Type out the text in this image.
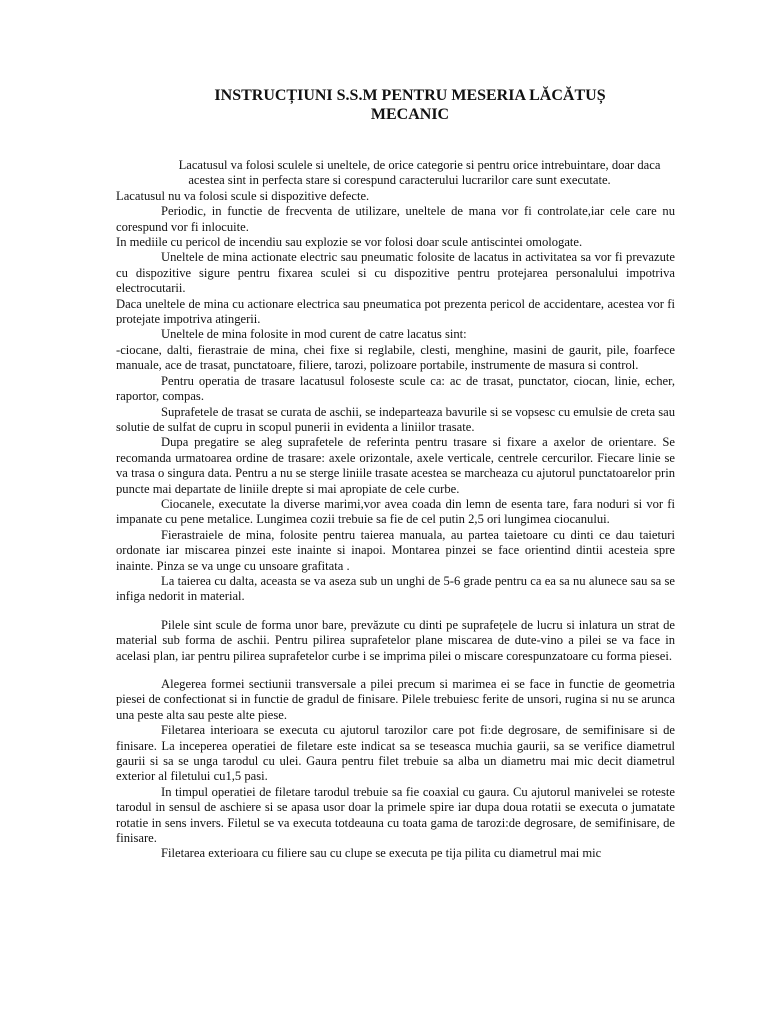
INSTRUCȚIUNI S.S.M PENTRU MESERIA LĂCĂTUȘ
MECANIC

Lacatusul va folosi sculele si uneltele, de orice categorie si pentru orice intrebuintare, doar daca acestea sint in perfecta stare si corespund caracterului lucrarilor care sunt executate.

Lacatusul nu va folosi scule si dispozitive defecte.

Periodic, in functie de frecventa de utilizare, uneltele de mana vor fi controlate,iar cele care nu corespund vor fi inlocuite.

In mediile cu pericol de incendiu sau explozie se vor folosi doar scule antiscintei omologate.

Uneltele de mina actionate electric sau pneumatic folosite de lacatus in activitatea sa vor fi prevazute cu dispozitive sigure pentru fixarea sculei si cu dispozitive pentru protejarea personalului impotriva electrocutarii.

Daca uneltele de mina cu actionare electrica sau pneumatica pot prezenta pericol de accidentare, acestea vor fi protejate impotriva atingerii.

Uneltele de mina folosite in mod curent de catre lacatus sint:

-ciocane, dalti, fierastraie de mina, chei fixe si reglabile, clesti, menghine, masini de gaurit, pile, foarfece manuale, ace de trasat, punctatoare, filiere, tarozi, polizoare portabile, instrumente de masura si control.

Pentru operatia de trasare lacatusul foloseste scule ca: ac de trasat, punctator, ciocan, linie, echer, raportor, compas.

Suprafetele de trasat se curata de aschii, se indeparteaza bavurile si se vopsesc cu emulsie de creta sau solutie de sulfat de cupru in scopul punerii in evidenta a liniilor trasate.

Dupa pregatire se aleg suprafetele de referinta pentru trasare si fixare a axelor de orientare. Se recomanda urmatoarea ordine de trasare: axele orizontale, axele verticale, centrele cercurilor. Fiecare linie se va trasa o singura data. Pentru a nu se sterge liniile trasate acestea se marcheaza cu ajutorul punctatoarelor prin puncte mai departate de liniile drepte si mai apropiate de cele curbe.

Ciocanele, executate la diverse marimi,vor avea coada din lemn de esenta tare, fara noduri si vor fi impanate cu pene metalice. Lungimea cozii trebuie sa fie de cel putin 2,5 ori lungimea ciocanului.

Fierastraiele de mina, folosite pentru taierea manuala, au partea taietoare cu dinti ce dau taieturi ordonate iar miscarea pinzei este inainte si inapoi. Montarea pinzei se face orientind dintii acesteia spre inainte. Pinza se va unge cu unsoare grafitata .

La taierea cu dalta, aceasta se va aseza sub un unghi de 5-6 grade pentru ca ea sa nu alunece sau sa se infiga nedorit in material.

Pilele sint scule de forma unor bare, prevăzute cu dinti pe suprafețele de lucru si inlatura un strat de material sub forma de aschii. Pentru pilirea suprafetelor plane miscarea de dute-vino a pilei se va face in acelasi plan, iar pentru pilirea suprafetelor curbe i se imprima pilei o miscare corespunzatoare cu forma piesei.

Alegerea formei sectiunii transversale a pilei precum si marimea ei se face in functie de geometria piesei de confectionat si in functie de gradul de finisare. Pilele trebuiesc ferite de unsori, rugina si nu se arunca una peste alta sau peste alte piese.

Filetarea interioara se executa cu ajutorul tarozilor care pot fi:de degrosare, de semifinisare si de finisare. La inceperea operatiei de filetare este indicat sa se teseasca muchia gaurii, sa se verifice diametrul gaurii si sa se unga tarodul cu ulei. Gaura pentru filet trebuie sa alba un diametru mai mic decit diametrul exterior al filetului cu1,5 pasi.

In timpul operatiei de filetare tarodul trebuie sa fie coaxial cu gaura. Cu ajutorul manivelei se roteste tarodul in sensul de aschiere si se apasa usor doar la primele spire iar dupa doua rotatii se executa o jumatate rotatie in sens invers. Filetul se va executa totdeauna cu toata gama de tarozi:de degrosare, de semifinisare, de finisare.

Filetarea exterioara cu filiere sau cu clupe se executa pe tija pilita cu diametrul mai mic
